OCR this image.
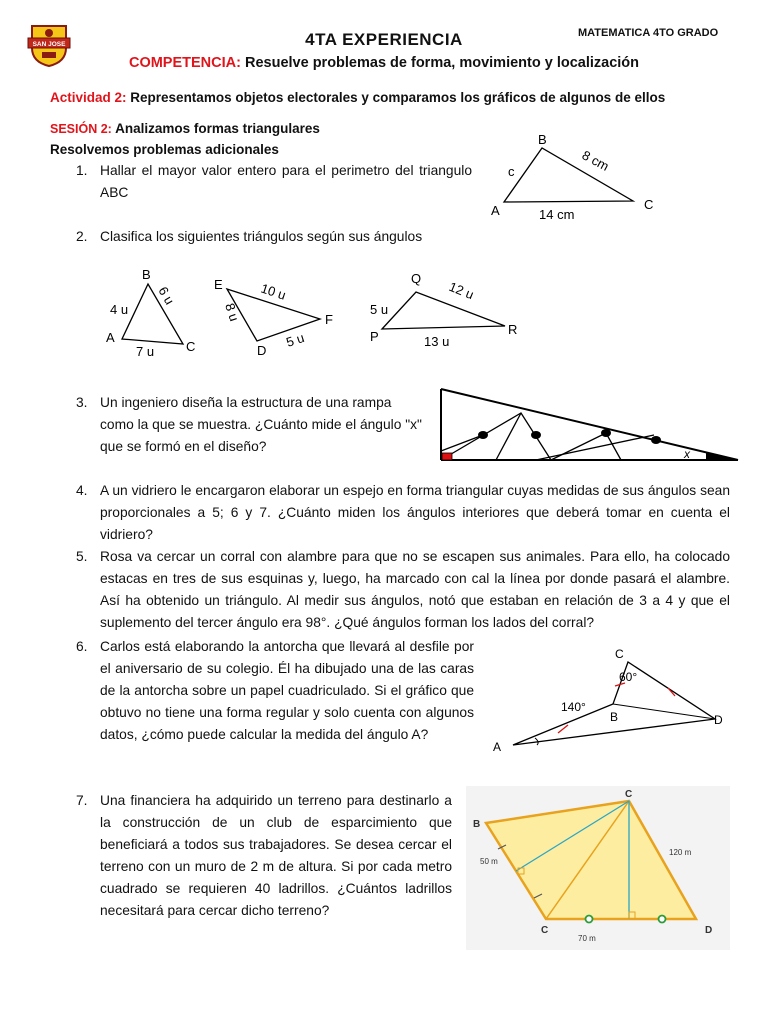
SAN JOSE	4TA EXPERIENCIA	MATEMATICA 4TO GRADO
COMPETENCIA: Resuelve problemas de forma, movimiento y localización
Actividad 2: Representamos objetos electorales y comparamos los gráficos de algunos de ellos
SESIÓN 2: Analizamos formas triangulares
Resolvemos problemas adicionales
1. Hallar el mayor valor entero para el perimetro del triangulo ABC
2. Clasifica los siguientes triángulos según sus ángulos
3. Un ingeniero diseña la estructura de una rampa como la que se muestra. ¿Cuánto mide el ángulo "x" que se formó en el diseño?
4. A un vidriero le encargaron elaborar un espejo en forma triangular cuyas medidas de sus ángulos sean proporcionales a 5; 6 y 7. ¿Cuánto miden los ángulos interiores que deberá tomar en cuenta el vidriero?
5. Rosa va cercar un corral con alambre para que no se escapen sus animales. Para ello, ha colocado estacas en tres de sus esquinas y, luego, ha marcado con cal la línea por donde pasará el alambre. Así ha obtenido un triángulo. Al medir sus ángulos, notó que estaban en relación de 3 a 4 y que el suplemento del tercer ángulo era 98°. ¿Qué ángulos forman los lados del corral?
6. Carlos está elaborando la antorcha que llevará al desfile por el aniversario de su colegio. Él ha dibujado una de las caras de la antorcha sobre un papel cuadriculado. Si el gráfico que obtuvo no tiene una forma regular y solo cuenta con algunos datos, ¿cómo puede calcular la medida del ángulo A?
7. Una financiera ha adquirido un terreno para destinarlo a la construcción de un club de esparcimiento que beneficiará a todos sus trabajadores. Se desea cercar el terreno con un muro de 2 m de altura. Si por cada metro cuadrado se requieren 40 ladrillos. ¿Cuántos ladrillos necesitará para cercar dicho terreno?
B
A	C
c	8 cm
14 cm
B
A
C
4 u
6 u
7 u
E
D
F
10 u
8 u
5 u
Q
P	R
5 u
12 u
13 u
x
C
60°
B
140°
A
D
B
C
C	D
50 m
120 m
70 m
